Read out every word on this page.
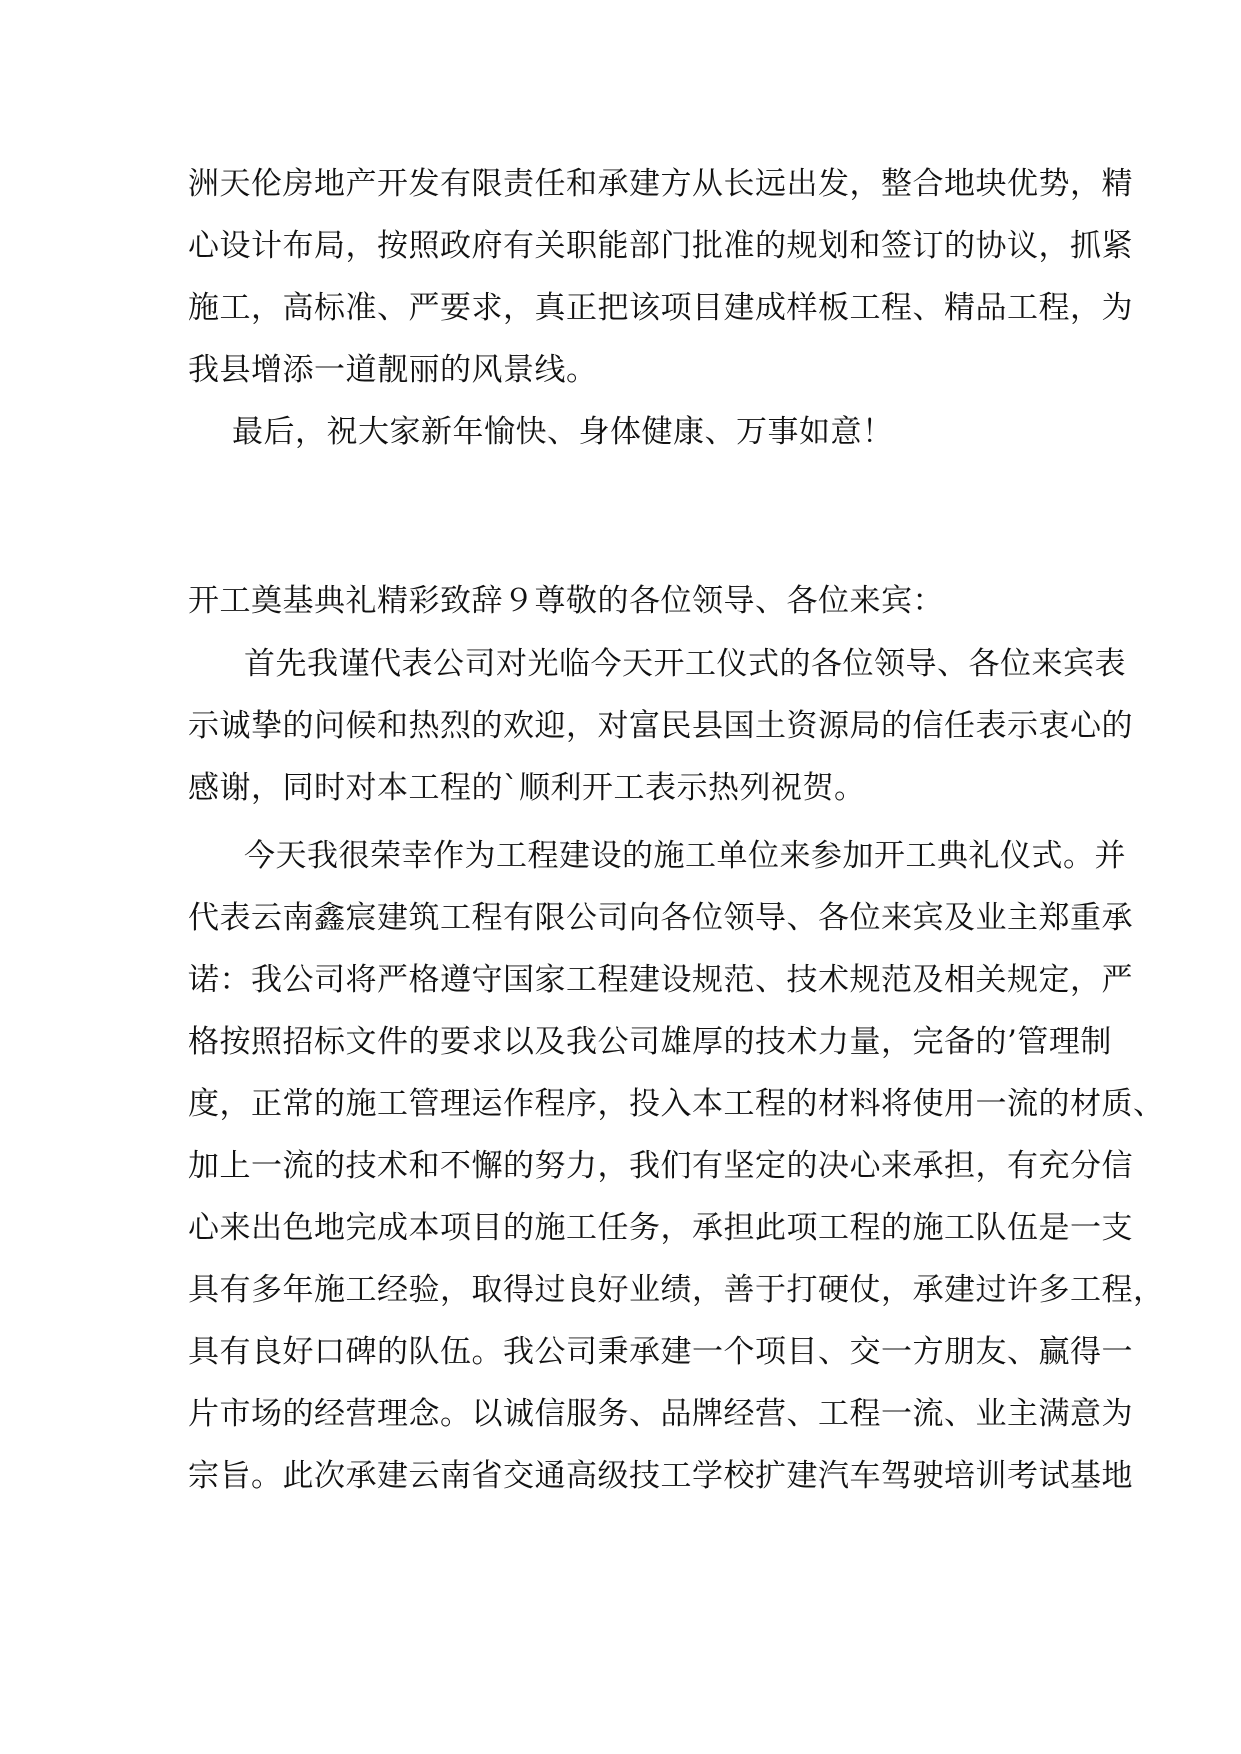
洲天伦房地产开发有限责任和承建方从长远出发，整合地块优势，精
心设计布局，按照政府有关职能部门批准的规划和签订的协议，抓紧
施工，高标准、严要求，真正把该项目建成样板工程、精品工程，为
我县增添一道靓丽的风景线。
最后，祝大家新年愉快、身体健康、万事如意！
开工奠基典礼精彩致辞９尊敬的各位领导、各位来宾：
首先我谨代表公司对光临今天开工仪式的各位领导、各位来宾表
示诚挚的问候和热烈的欢迎，对富民县国土资源局的信任表示衷心的
感谢，同时对本工程的`顺利开工表示热列祝贺。
今天我很荣幸作为工程建设的施工单位来参加开工典礼仪式。并
代表云南鑫宸建筑工程有限公司向各位领导、各位来宾及业主郑重承
诺：我公司将严格遵守国家工程建设规范、技术规范及相关规定，严
格按照招标文件的要求以及我公司雄厚的技术力量，完备的’管理制
度，正常的施工管理运作程序，投入本工程的材料将使用一流的材质、
加上一流的技术和不懈的努力，我们有坚定的决心来承担，有充分信
心来出色地完成本项目的施工任务，承担此项工程的施工队伍是一支
具有多年施工经验，取得过良好业绩，善于打硬仗，承建过许多工程，
具有良好口碑的队伍。我公司秉承建一个项目、交一方朋友、赢得一
片市场的经营理念。以诚信服务、品牌经营、工程一流、业主满意为
宗旨。此次承建云南省交通高级技工学校扩建汽车驾驶培训考试基地
